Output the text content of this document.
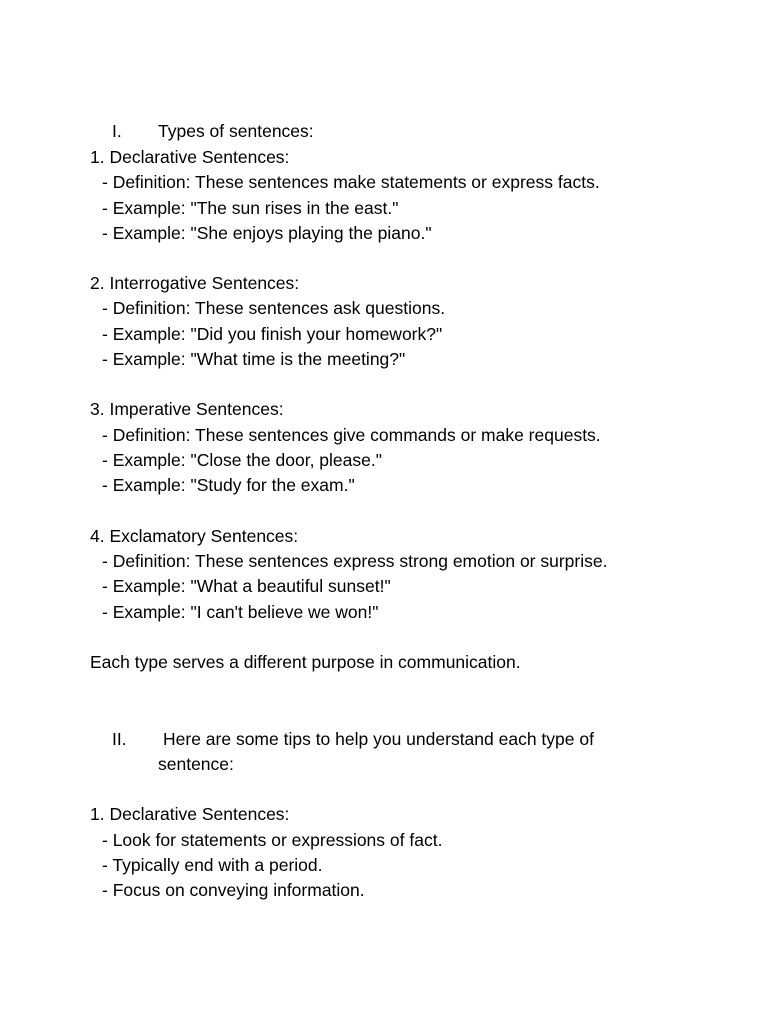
I. Types of sentences:

1. Declarative Sentences:

- Definition: These sentences make statements or express facts.

- Example: "The sun rises in the east."

- Example: "She enjoys playing the piano."

2. Interrogative Sentences:

- Definition: These sentences ask questions.

- Example: "Did you finish your homework?"

- Example: "What time is the meeting?"

3. Imperative Sentences:

- Definition: These sentences give commands or make requests.

- Example: "Close the door, please."

- Example: "Study for the exam."

4. Exclamatory Sentences:

- Definition: These sentences express strong emotion or surprise.

- Example: "What a beautiful sunset!"

- Example: "I can't believe we won!"

Each type serves a different purpose in communication.

II. Here are some tips to help you understand each type of

sentence:

1. Declarative Sentences:

- Look for statements or expressions of fact.

- Typically end with a period.

- Focus on conveying information.
